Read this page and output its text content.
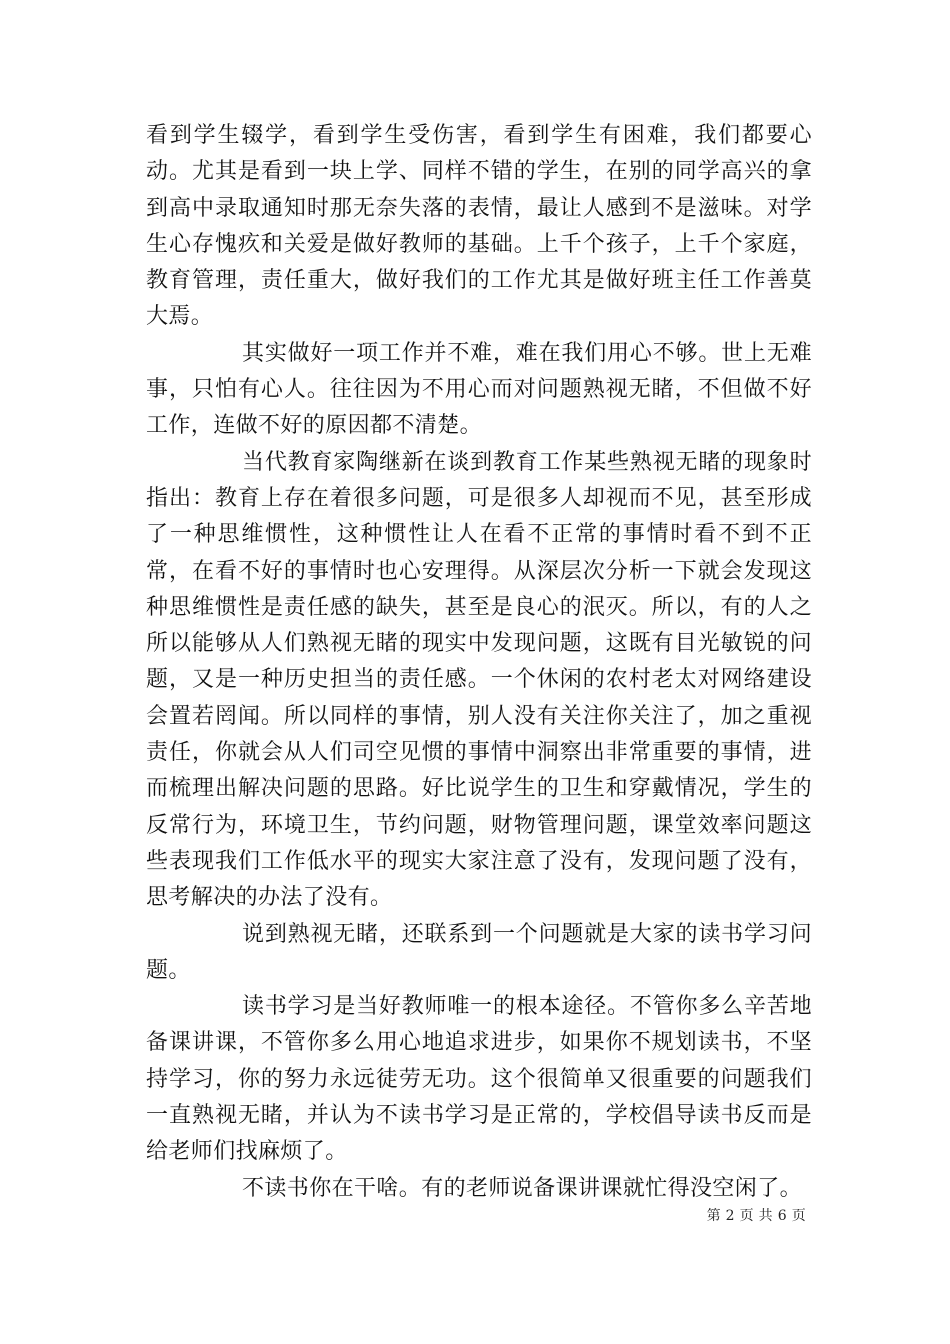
看到学生辍学，看到学生受伤害，看到学生有困难，我们都要心动。尤其是看到一块上学、同样不错的学生，在别的同学高兴的拿到高中录取通知时那无奈失落的表情，最让人感到不是滋味。对学生心存愧疚和关爱是做好教师的基础。上千个孩子，上千个家庭，教育管理，责任重大，做好我们的工作尤其是做好班主任工作善莫大焉。

其实做好一项工作并不难，难在我们用心不够。世上无难事，只怕有心人。往往因为不用心而对问题熟视无睹，不但做不好工作，连做不好的原因都不清楚。

当代教育家陶继新在谈到教育工作某些熟视无睹的现象时指出：教育上存在着很多问题，可是很多人却视而不见，甚至形成了一种思维惯性，这种惯性让人在看不正常的事情时看不到不正常，在看不好的事情时也心安理得。从深层次分析一下就会发现这种思维惯性是责任感的缺失，甚至是良心的泯灭。所以，有的人之所以能够从人们熟视无睹的现实中发现问题，这既有目光敏锐的问题，又是一种历史担当的责任感。一个休闲的农村老太对网络建设会置若罔闻。所以同样的事情，别人没有关注你关注了，加之重视责任，你就会从人们司空见惯的事情中洞察出非常重要的事情，进而梳理出解决问题的思路。好比说学生的卫生和穿戴情况，学生的反常行为，环境卫生，节约问题，财物管理问题，课堂效率问题这些表现我们工作低水平的现实大家注意了没有，发现问题了没有，思考解决的办法了没有。

说到熟视无睹，还联系到一个问题就是大家的读书学习问题。

读书学习是当好教师唯一的根本途径。不管你多么辛苦地备课讲课，不管你多么用心地追求进步，如果你不规划读书，不坚持学习，你的努力永远徒劳无功。这个很简单又很重要的问题我们一直熟视无睹，并认为不读书学习是正常的，学校倡导读书反而是给老师们找麻烦了。

不读书你在干啥。有的老师说备课讲课就忙得没空闲了。

第 2 页 共 6 页
